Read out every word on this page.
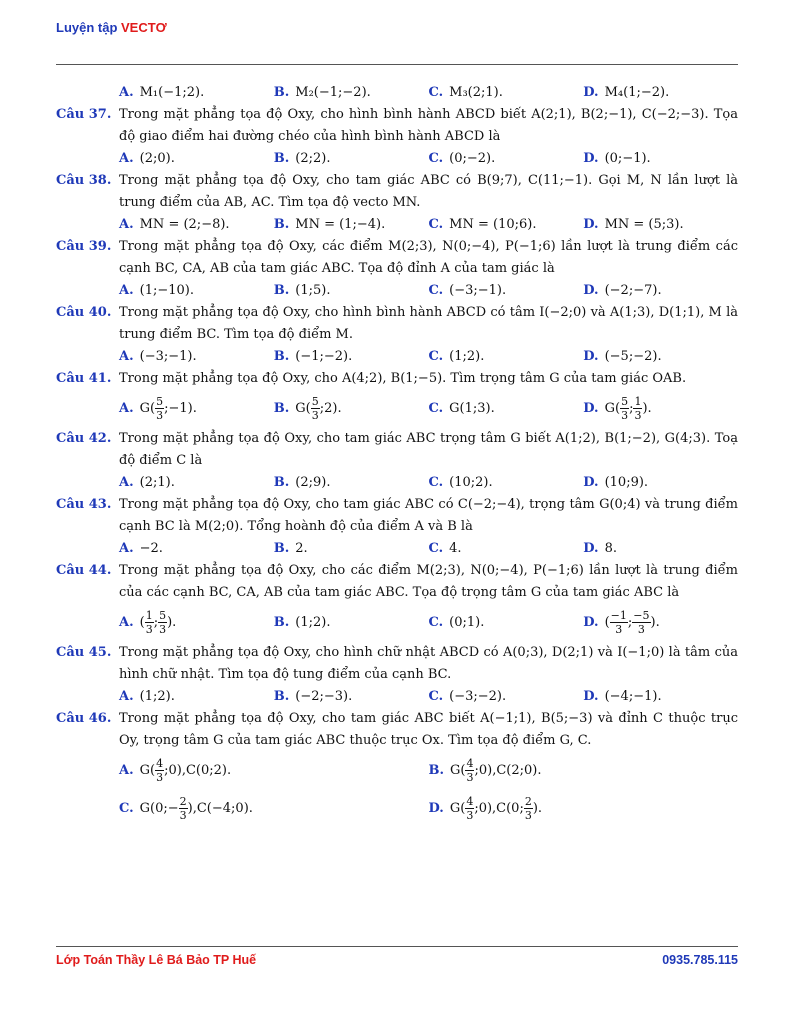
Luyện tập VECTƠ
A. M₁(−1;2).	B. M₂(−1;−2).	C. M₃(2;1).	D. M₄(1;−2).
Câu 37. Trong mặt phẳng tọa độ Oxy, cho hình bình hành ABCD biết A(2;1), B(2;−1), C(−2;−3). Tọa độ giao điểm hai đường chéo của hình bình hành ABCD là
A. (2;0).	B. (2;2).	C. (0;−2).	D. (0;−1).
Câu 38. Trong mặt phẳng tọa độ Oxy, cho tam giác ABC có B(9;7), C(11;−1). Gọi M, N lần lượt là trung điểm của AB, AC. Tìm tọa độ vecto MN.
A. MN = (2;−8).	B. MN = (1;−4).	C. MN = (10;6).	D. MN = (5;3).
Câu 39. Trong mặt phẳng tọa độ Oxy, các điểm M(2;3), N(0;−4), P(−1;6) lần lượt là trung điểm các cạnh BC, CA, AB của tam giác ABC. Tọa độ đỉnh A của tam giác là
A. (1;−10).	B. (1;5).	C. (−3;−1).	D. (−2;−7).
Câu 40. Trong mặt phẳng tọa độ Oxy, cho hình bình hành ABCD có tâm I(−2;0) và A(1;3), D(1;1), M là trung điểm BC. Tìm tọa độ điểm M.
A. (−3;−1).	B. (−1;−2).	C. (1;2).	D. (−5;−2).
Câu 41. Trong mặt phẳng tọa độ Oxy, cho A(4;2), B(1;−5). Tìm trọng tâm G của tam giác OAB.
A. $G( \frac{5}{3}$ ;−1).	B. $G( \frac{5}{3}$ ;2).	C. G(1;3).	D. $G( \frac{5}{3}$ ; $\frac{1}{3}$ ).
Câu 42. Trong mặt phẳng tọa độ Oxy, cho tam giác ABC trọng tâm G biết A(1;2), B(1;−2), G(4;3). Toạ độ điểm C là
A. (2;1).	B. (2;9).	C. (10;2).	D. (10;9).
Câu 43. Trong mặt phẳng tọa độ Oxy, cho tam giác ABC có C(−2;−4), trọng tâm G(0;4) và trung điểm cạnh BC là M(2;0). Tổng hoành độ của điểm A và B là
A. −2.	B. 2.	C. 4.	D. 8.
Câu 44. Trong mặt phẳng tọa độ Oxy, cho các điểm M(2;3), N(0;−4), P(−1;6) lần lượt là trung điểm của các cạnh BC, CA, AB của tam giác ABC. Tọa độ trọng tâm G của tam giác ABC là
A. ( $\frac{1}{3}$ ; $\frac{5}{3}$ ).	B. (1;2).	C. (0;1).	D. ( $\frac{-1}{3}$ ; $\frac{-5}{3}$ ).
Câu 45. Trong mặt phẳng tọa độ Oxy, cho hình chữ nhật ABCD có A(0;3), D(2;1) và I(−1;0) là tâm của hình chữ nhật. Tìm tọa độ tung điểm của cạnh BC.
A. (1;2).	B. (−2;−3).	C. (−3;−2).	D. (−4;−1).
Câu 46. Trong mặt phẳng tọa độ Oxy, cho tam giác ABC biết A(−1;1), B(5;−3) và đỉnh C thuộc trục Oy, trọng tâm G của tam giác ABC thuộc trục Ox. Tìm tọa độ điểm G, C.
A. $G( \frac{4}{3}$ ;0),C(0;2).	B. $G( \frac{4}{3}$ ;0),C(2;0).
C. G(0;− $\frac{2}{3}$ ),C(−4;0).	D. $G( \frac{4}{3}$ ;0),C(0; $\frac{2}{3}$ ).
Lớp Toán Thầy Lê Bá Bảo TP Huế	0935.785.115
